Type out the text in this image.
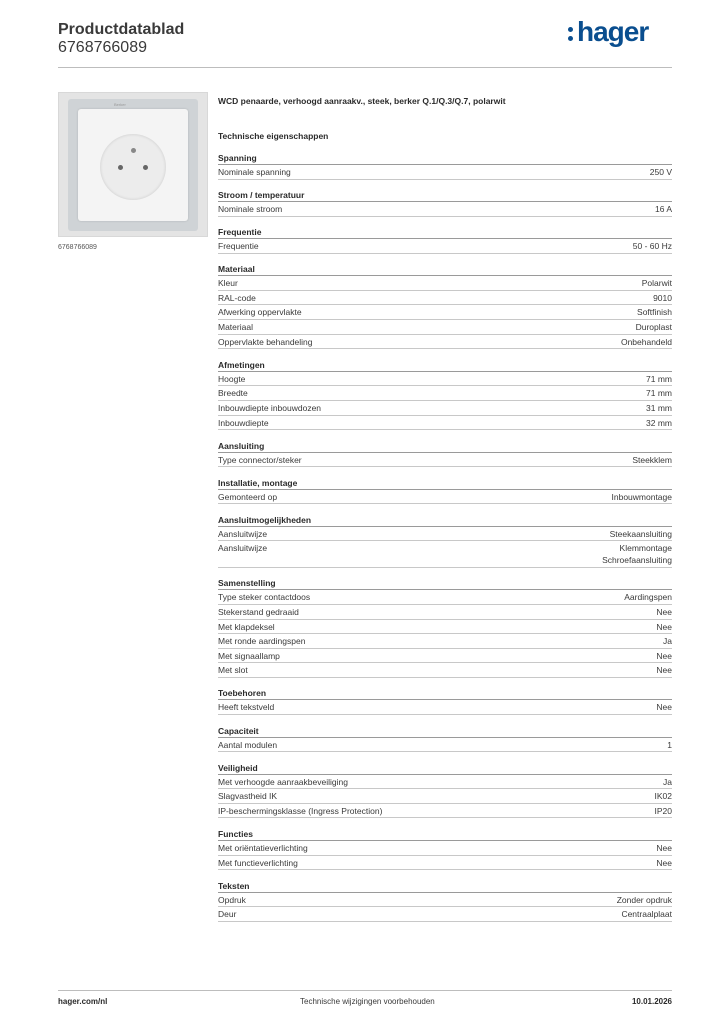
Productdatablad
6768766089
hager
Berker
6768766089
WCD penaarde, verhoogd aanraakv., steek, berker Q.1/Q.3/Q.7, polarwit
Technische eigenschappen
Spanning
Nominale spanning	250 V
Stroom / temperatuur
Nominale stroom	16 A
Frequentie
Frequentie	50 - 60 Hz
Materiaal
Kleur	Polarwit
RAL-code	9010
Afwerking oppervlakte	Softfinish
Materiaal	Duroplast
Oppervlakte behandeling	Onbehandeld
Afmetingen
Hoogte	71 mm
Breedte	71 mm
Inbouwdiepte inbouwdozen	31 mm
Inbouwdiepte	32 mm
Aansluiting
Type connector/steker	Steekklem
Installatie, montage
Gemonteerd op	Inbouwmontage
Aansluitmogelijkheden
Aansluitwijze	Steekaansluiting
Aansluitwijze	Klemmontage
Schroefaansluiting
Samenstelling
Type steker contactdoos	Aardingspen
Stekerstand gedraaid	Nee
Met klapdeksel	Nee
Met ronde aardingspen	Ja
Met signaallamp	Nee
Met slot	Nee
Toebehoren
Heeft tekstveld	Nee
Capaciteit
Aantal modulen	1
Veiligheid
Met verhoogde aanraakbeveiliging	Ja
Slagvastheid IK	IK02
IP-beschermingsklasse (Ingress Protection)	IP20
Functies
Met oriëntatieverlichting	Nee
Met functieverlichting	Nee
Teksten
Opdruk	Zonder opdruk
Deur	Centraalplaat
hager.com/nl	Technische wijzigingen voorbehouden	10.01.2026
